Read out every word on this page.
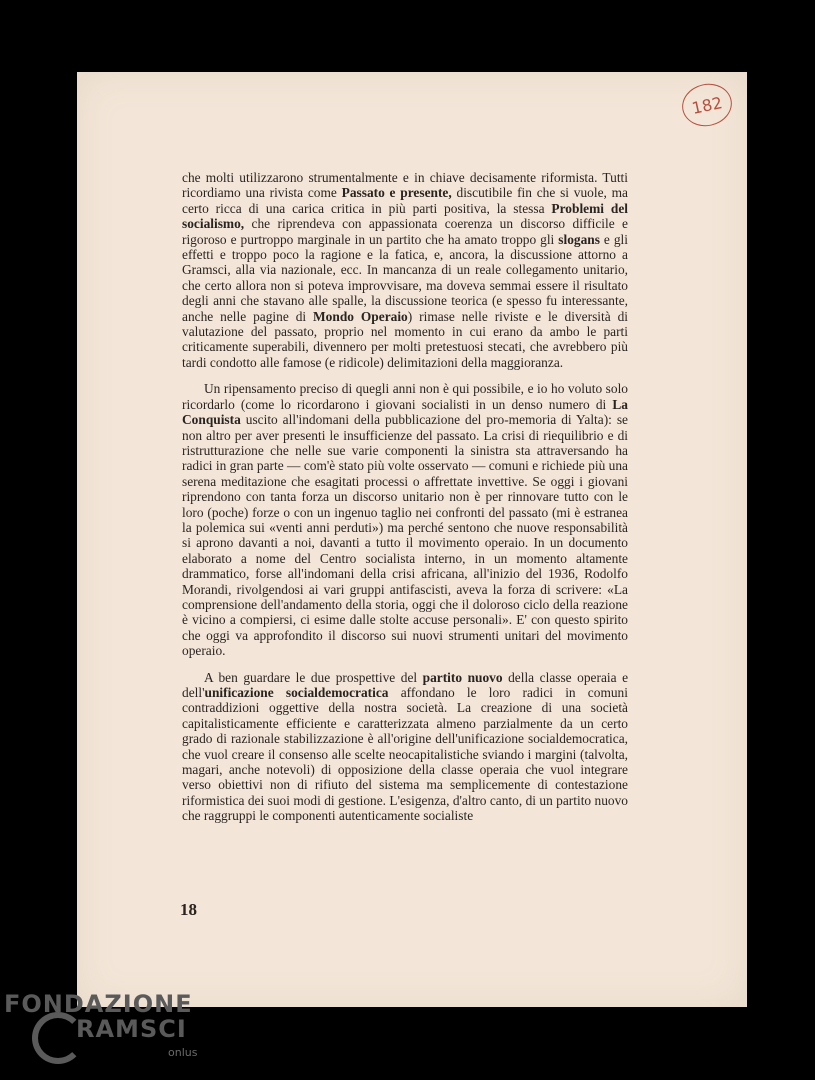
182

che molti utilizzarono strumentalmente e in chiave decisamente riformista. Tutti ricordiamo una rivista come Passato e presente, discutibile fin che si vuole, ma certo ricca di una carica critica in più parti positiva, la stessa Problemi del socialismo, che riprendeva con appassionata coerenza un discorso difficile e rigoroso e purtroppo marginale in un partito che ha amato troppo gli slogans e gli effetti e troppo poco la ragione e la fatica, e, ancora, la discussione attorno a Gramsci, alla via nazionale, ecc. In mancanza di un reale collegamento unitario, che certo allora non si poteva improvvisare, ma doveva semmai essere il risultato degli anni che stavano alle spalle, la discussione teorica (e spesso fu interessante, anche nelle pagine di Mondo Operaio) rimase nelle riviste e le diversità di valutazione del passato, proprio nel momento in cui erano da ambo le parti criticamente superabili, divennero per molti pretestuosi stecati, che avrebbero più tardi condotto alle famose (e ridicole) delimitazioni della maggioranza.

Un ripensamento preciso di quegli anni non è qui possibile, e io ho voluto solo ricordarlo (come lo ricordarono i giovani socialisti in un denso numero di La Conquista uscito all'indomani della pubblicazione del pro-memoria di Yalta): se non altro per aver presenti le insufficienze del passato. La crisi di riequilibrio e di ristrutturazione che nelle sue varie componenti la sinistra sta attraversando ha radici in gran parte — com'è stato più volte osservato — comuni e richiede più una serena meditazione che esagitati processi o affrettate invettive. Se oggi i giovani riprendono con tanta forza un discorso unitario non è per rinnovare tutto con le loro (poche) forze o con un ingenuo taglio nei confronti del passato (mi è estranea la polemica sui «venti anni perduti») ma perché sentono che nuove responsabilità si aprono davanti a noi, davanti a tutto il movimento operaio. In un documento elaborato a nome del Centro socialista interno, in un momento altamente drammatico, forse all'indomani della crisi africana, all'inizio del 1936, Rodolfo Morandi, rivolgendosi ai vari gruppi antifascisti, aveva la forza di scrivere: «La comprensione dell'andamento della storia, oggi che il doloroso ciclo della reazione è vicino a compiersi, ci esime dalle stolte accuse personali». E' con questo spirito che oggi va approfondito il discorso sui nuovi strumenti unitari del movimento operaio.

A ben guardare le due prospettive del partito nuovo della classe operaia e dell'unificazione socialdemocratica affondano le loro radici in comuni contraddizioni oggettive della nostra società. La creazione di una società capitalisticamente efficiente e caratterizzata almeno parzialmente da un certo grado di razionale stabilizzazione è all'origine dell'unificazione socialdemocratica, che vuol creare il consenso alle scelte neocapitalistiche sviando i margini (talvolta, magari, anche notevoli) di opposizione della classe operaia che vuol integrare verso obiettivi non di rifiuto del sistema ma semplicemente di contestazione riformistica dei suoi modi di gestione. L'esigenza, d'altro canto, di un partito nuovo che raggruppi le componenti autenticamente socialiste

18
FONDAZIONE
RAMSCI
onlus
